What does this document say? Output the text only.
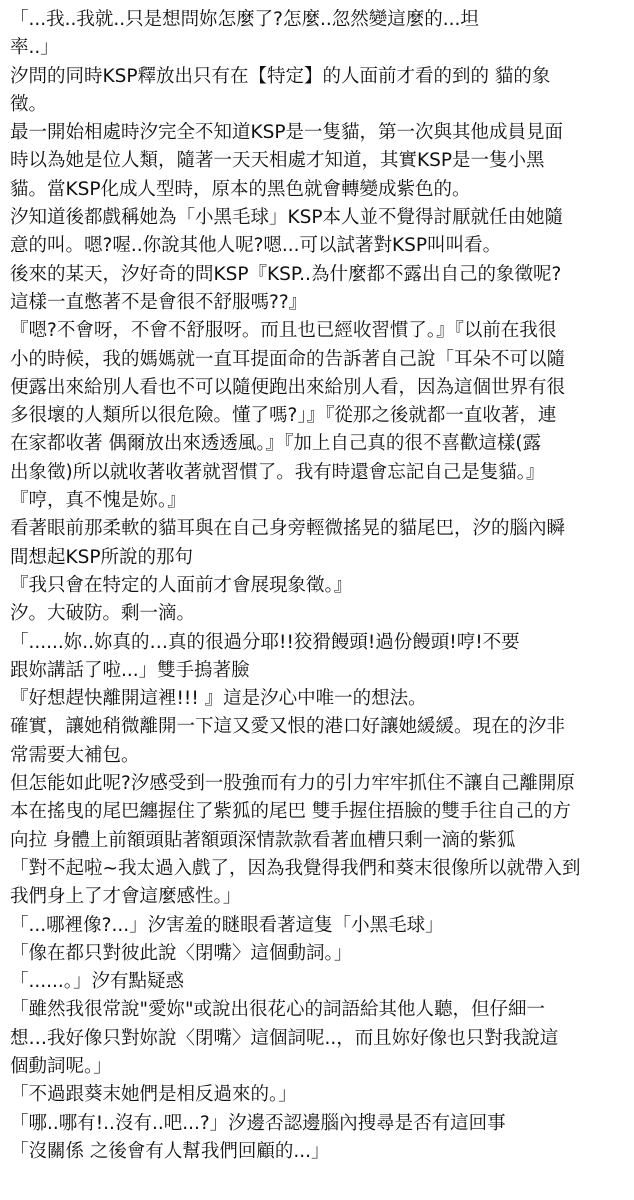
「...我..我就..只是想問妳怎麼了?怎麼..忽然變這麼的...坦
率..」
汐問的同時KSP釋放出只有在【特定】的人面前才看的到的 貓的象
徵。
最一開始相處時汐完全不知道KSP是一隻貓，第一次與其他成員見面
時以為她是位人類，隨著一天天相處才知道，其實KSP是一隻小黑
貓。當KSP化成人型時，原本的黑色就會轉變成紫色的。
汐知道後都戲稱她為「小黑毛球」KSP本人並不覺得討厭就任由她隨
意的叫。嗯?喔..你說其他人呢?嗯...可以試著對KSP叫叫看。
後來的某天，汐好奇的問KSP『KSP..為什麼都不露出自己的象徵呢?
這樣一直憋著不是會很不舒服嗎??』
『嗯?不會呀，不會不舒服呀。而且也已經收習慣了。』『以前在我很
小的時候，我的媽媽就一直耳提面命的告訴著自己說「耳朵不可以隨
便露出來給別人看也不可以隨便跑出來給別人看，因為這個世界有很
多很壞的人類所以很危險。懂了嗎?」』『從那之後就都一直收著，連
在家都收著 偶爾放出來透透風。』『加上自己真的很不喜歡這樣(露
出象徵)所以就收著收著就習慣了。我有時還會忘記自己是隻貓。』
『哼，真不愧是妳。』
看著眼前那柔軟的貓耳與在自己身旁輕微搖晃的貓尾巴，汐的腦內瞬
間想起KSP所說的那句
『我只會在特定的人面前才會展現象徵。』
汐。大破防。剩一滴。
「......妳..妳真的…真的很過分耶!!狡猾饅頭!過份饅頭!哼!不要
跟妳講話了啦...」雙手摀著臉
『好想趕快離開這裡!!! 』這是汐心中唯一的想法。
確實，讓她稍微離開一下這又愛又恨的港口好讓她緩緩。現在的汐非
常需要大補包。
但怎能如此呢?汐感受到一股強而有力的引力牢牢抓住不讓自己離開原
本在搖曳的尾巴纏握住了紫狐的尾巴 雙手握住捂臉的雙手往自己的方
向拉 身體上前額頭貼著額頭深情款款看著血槽只剩一滴的紫狐
「對不起啦~我太過入戲了，因為我覺得我們和葵末很像所以就帶入到
我們身上了才會這麼感性。」
「...哪裡像?...」汐害羞的瞇眼看著這隻「小黑毛球」
「像在都只對彼此說〈閉嘴〉這個動詞。」
「......。」汐有點疑惑
「雖然我很常說"愛妳"或說出很花心的詞語給其他人聽，但仔細一
想…我好像只對妳說〈閉嘴〉這個詞呢..，而且妳好像也只對我說這
個動詞呢。」
「不過跟葵末她們是相反過來的。」
「哪..哪有!..沒有..吧...?」汐邊否認邊腦內搜尋是否有這回事
「沒關係 之後會有人幫我們回顧的...」
